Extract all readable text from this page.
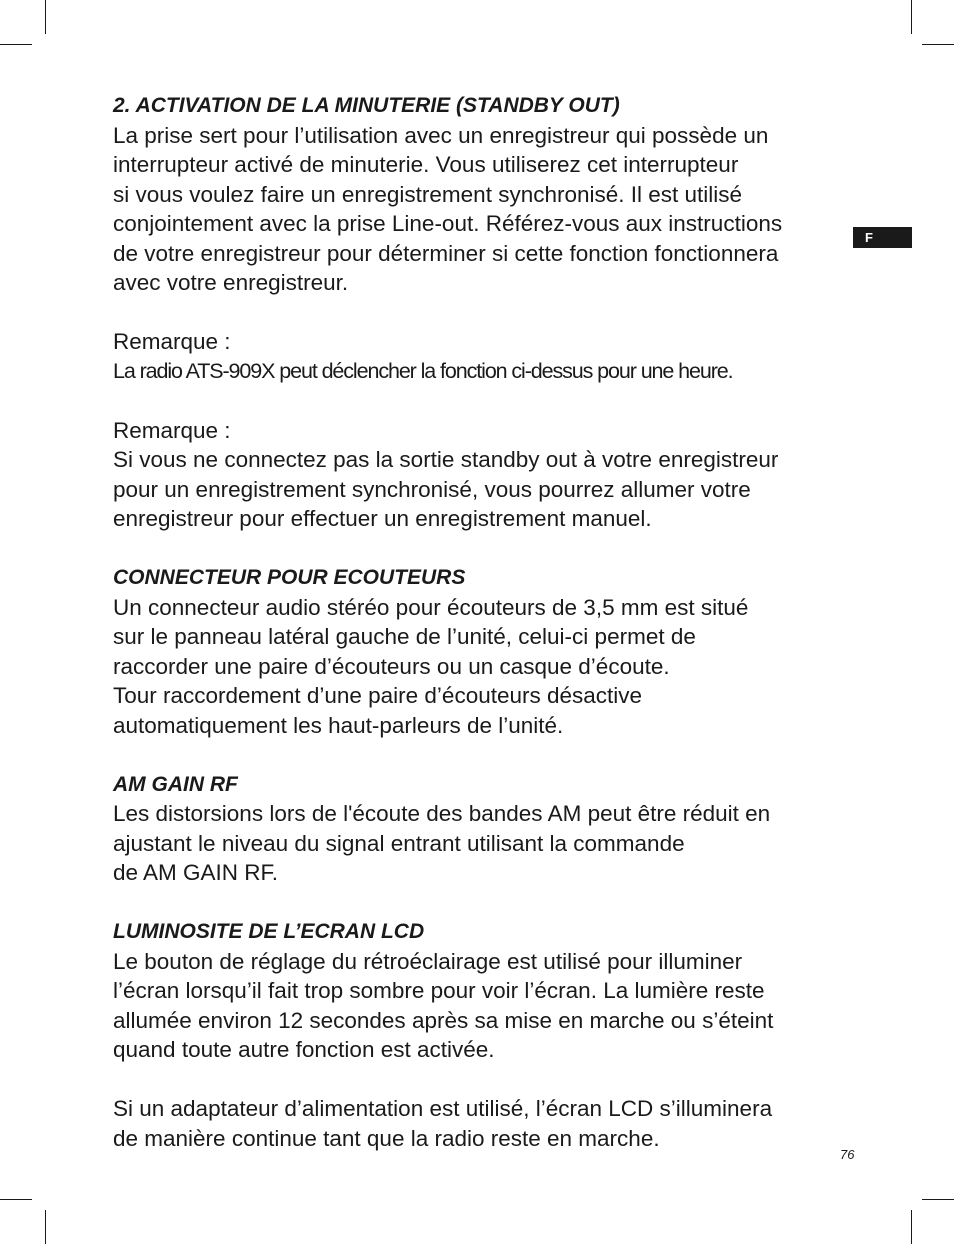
F

2. ACTIVATION DE LA MINUTERIE (STANDBY OUT)

La prise sert pour l’utilisation avec un enregistreur qui possède un

interrupteur activé de minuterie. Vous utiliserez cet interrupteur

si vous voulez faire un enregistrement synchronisé. Il est utilisé

conjointement avec la prise Line-out. Référez-vous aux instructions

de votre enregistreur pour déterminer si cette fonction fonctionnera

avec votre enregistreur.

Remarque :

La radio ATS-909X peut déclencher la fonction ci-dessus pour une heure.

Remarque :

Si vous ne connectez pas la sortie standby out à votre enregistreur

pour un enregistrement synchronisé, vous pourrez allumer votre

enregistreur pour effectuer un enregistrement manuel.

CONNECTEUR POUR ECOUTEURS

Un connecteur audio stéréo pour écouteurs de 3,5 mm est situé

sur le panneau latéral gauche de l’unité, celui-ci permet de

raccorder une paire d’écouteurs ou un casque d’écoute.

Tour raccordement d’une paire d’écouteurs désactive

automatiquement les haut-parleurs de l’unité.

AM GAIN RF

Les distorsions lors de l'écoute des bandes AM peut être réduit en

ajustant le niveau du signal entrant utilisant la commande

de AM GAIN RF.

LUMINOSITE DE L’ECRAN LCD

Le bouton de réglage du rétroéclairage est utilisé pour illuminer

l’écran lorsqu’il fait trop sombre pour voir l’écran. La lumière reste

allumée environ 12 secondes après sa mise en marche ou s’éteint

quand toute autre fonction est activée.

Si un adaptateur d’alimentation est utilisé, l’écran LCD s’illuminera

de manière continue tant que la radio reste en marche.

76
